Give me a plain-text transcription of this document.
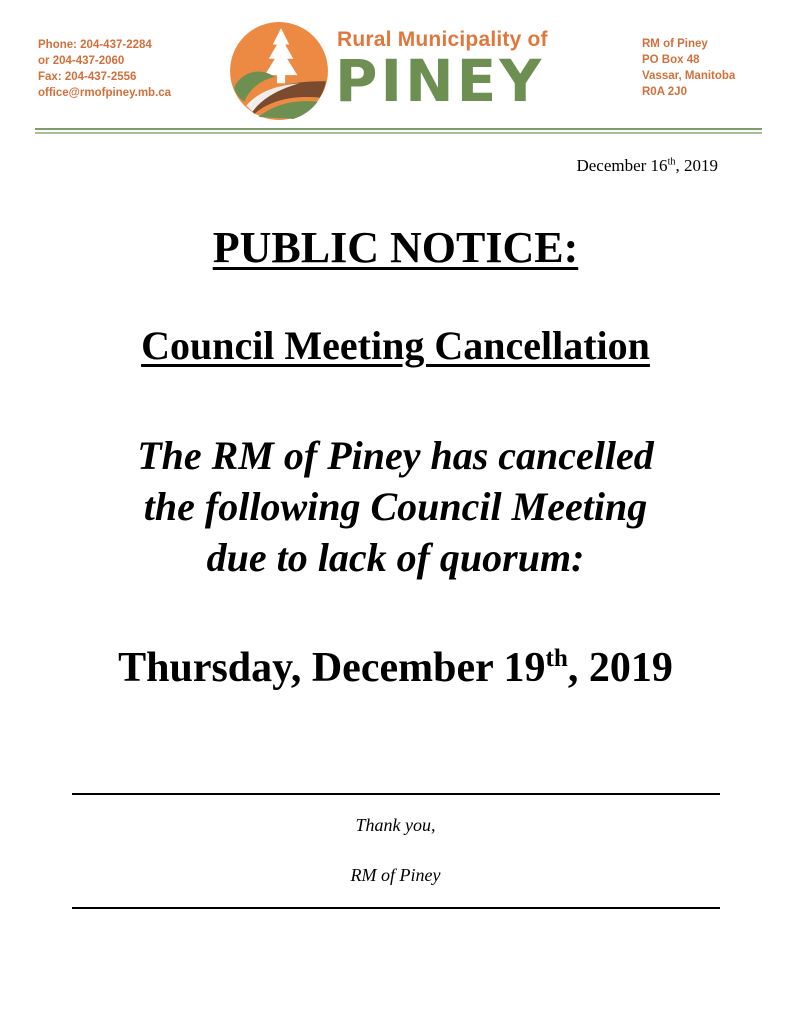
Phone: 204-437-2284
or 204-437-2060
Fax: 204-437-2556
office@rmofpiney.mb.ca
Rural Municipality of
PINEY
RM of Piney
PO Box 48
Vassar, Manitoba
R0A 2J0
December 16th, 2019
PUBLIC NOTICE:
Council Meeting Cancellation
The RM of Piney has cancelled
the following Council Meeting
due to lack of quorum:
Thursday, December 19th, 2019
Thank you,
RM of Piney
